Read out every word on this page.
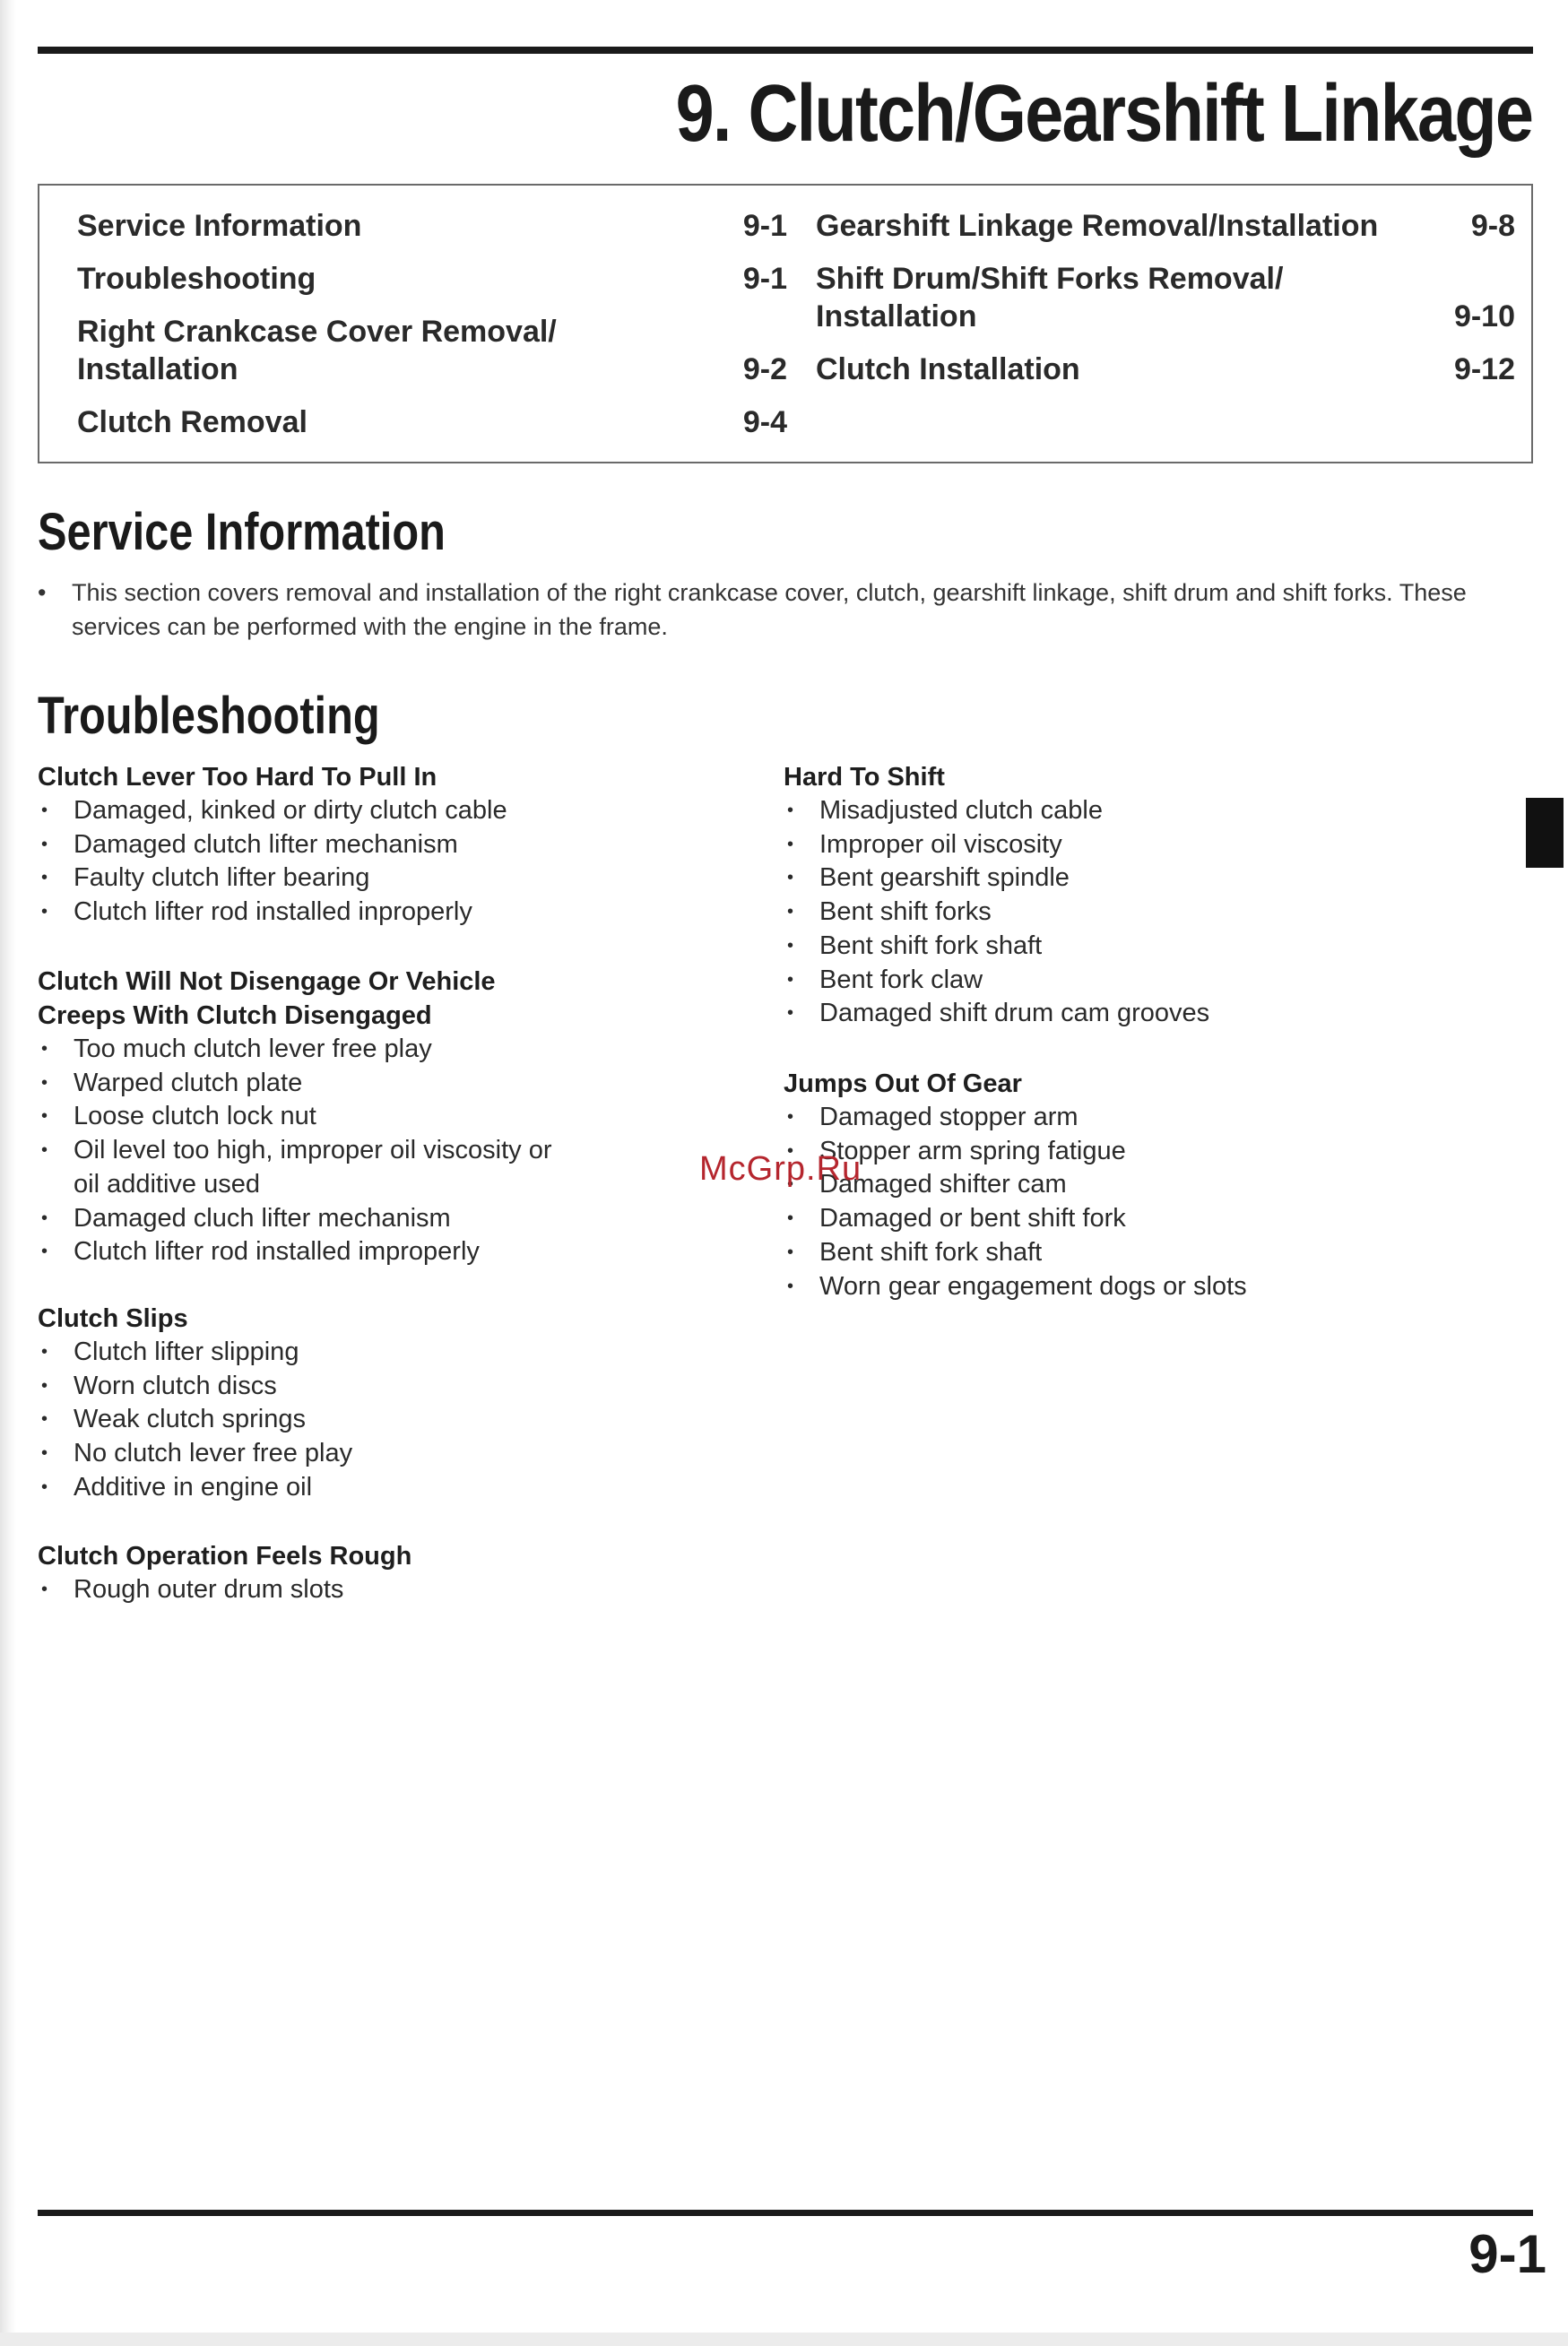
9. Clutch/Gearshift Linkage
Service Information	9-1
Troubleshooting	9-1
Right Crankcase Cover Removal/
Installation	9-2
Clutch Removal	9-4
Gearshift Linkage Removal/Installation	9-8
Shift Drum/Shift Forks Removal/
Installation	9-10
Clutch Installation	9-12
Service Information
•	This section covers removal and installation of the right crankcase cover, clutch, gearshift linkage, shift drum and shift forks. These services can be performed with the engine in the frame.
Troubleshooting
Clutch Lever Too Hard To Pull In
• Damaged, kinked or dirty clutch cable
• Damaged clutch lifter mechanism
• Faulty clutch lifter bearing
• Clutch lifter rod installed inproperly
Clutch Will Not Disengage Or Vehicle
Creeps With Clutch Disengaged
• Too much clutch lever free play
• Warped clutch plate
• Loose clutch lock nut
• Oil level too high, improper oil viscosity or oil additive used
• Damaged cluch lifter mechanism
• Clutch lifter rod installed improperly
Clutch Slips
• Clutch lifter slipping
• Worn clutch discs
• Weak clutch springs
• No clutch lever free play
• Additive in engine oil
Clutch Operation Feels Rough
• Rough outer drum slots
Hard To Shift
• Misadjusted clutch cable
• Improper oil viscosity
• Bent gearshift spindle
• Bent shift forks
• Bent shift fork shaft
• Bent fork claw
• Damaged shift drum cam grooves
Jumps Out Of Gear
• Damaged stopper arm
• Stopper arm spring fatigue
• Damaged shifter cam
• Damaged or bent shift fork
• Bent shift fork shaft
• Worn gear engagement dogs or slots
McGrp.Ru
9-1
